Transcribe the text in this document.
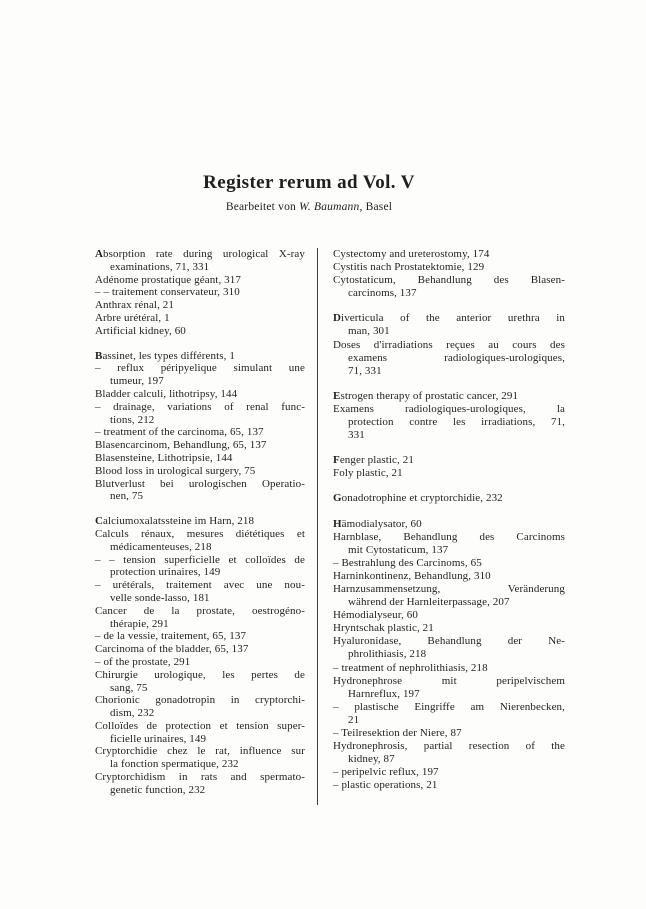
Register rerum ad Vol. V
Bearbeitet von W. Baumann, Basel
Absorption rate during urological X-ray
examinations, 71, 331
Adénome prostatique géant, 317
– – traitement conservateur, 310
Anthrax rénal, 21
Arbre urétéral, 1
Artificial kidney, 60
Bassinet, les types différents, 1
– reflux péripyelique simulant une
tumeur, 197
Bladder calculi, lithotripsy, 144
– drainage, variations of renal func-
tions, 212
– treatment of the carcinoma, 65, 137
Blasencarcinom, Behandlung, 65, 137
Blasensteine, Lithotripsie, 144
Blood loss in urological surgery, 75
Blutverlust bei urologischen Operatio-
nen, 75
Calciumoxalatssteine im Harn, 218
Calculs rénaux, mesures diététiques et
médicamenteuses, 218
– – tension superficielle et colloïdes de
protection urinaires, 149
– urétérals, traitement avec une nou-
velle sonde-lasso, 181
Cancer de la prostate, oestrogéno-
thérapie, 291
– de la vessie, traitement, 65, 137
Carcinoma of the bladder, 65, 137
– of the prostate, 291
Chirurgie urologique, les pertes de
sang, 75
Chorionic gonadotropin in cryptorchi-
dism, 232
Colloïdes de protection et tension super-
ficielle urinaires, 149
Cryptorchidie chez le rat, influence sur
la fonction spermatique, 232
Cryptorchidism in rats and spermato-
genetic function, 232
Cystectomy and ureterostomy, 174
Cystitis nach Prostatektomie, 129
Cytostaticum, Behandlung des Blasen-
carcinoms, 137
Diverticula of the anterior urethra in
man, 301
Doses d'irradiations reçues au cours des
examens radiologiques-urologiques,
71, 331
Estrogen therapy of prostatic cancer, 291
Examens radiologiques-urologiques, la
protection contre les irradiations, 71,
331
Fenger plastic, 21
Foly plastic, 21
Gonadotrophine et cryptorchidie, 232
Hämodialysator, 60
Harnblase, Behandlung des Carcinoms
mit Cytostaticum, 137
– Bestrahlung des Carcinoms, 65
Harninkontinenz, Behandlung, 310
Harnzusammensetzung, Veränderung
während der Harnleiterpassage, 207
Hémodialyseur, 60
Hryntschak plastic, 21
Hyaluronidase, Behandlung der Ne-
phrolithiasis, 218
– treatment of nephrolithiasis, 218
Hydronephrose mit peripelvischem
Harnreflux, 197
– plastische Eingriffe am Nierenbecken,
21
– Teilresektion der Niere, 87
Hydronephrosis, partial resection of the
kidney, 87
– peripelvic reflux, 197
– plastic operations, 21
